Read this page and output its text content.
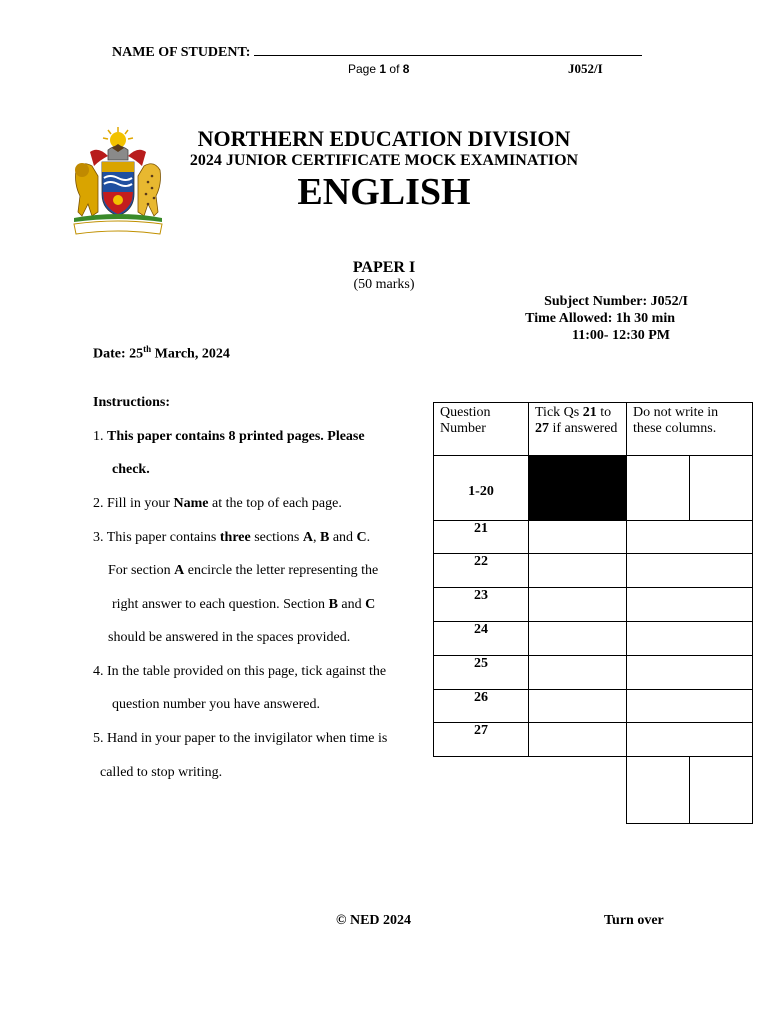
NAME OF STUDENT:
Page 1 of 8	J052/I
NORTHERN EDUCATION DIVISION
2024 JUNIOR CERTIFICATE MOCK EXAMINATION
ENGLISH
PAPER I
(50 marks)
Subject Number: J052/I
Time Allowed: 1h 30 min
11:00- 12:30 PM
Date: 25th March, 2024
Instructions:
1. This paper contains 8 printed pages. Please
check.
2. Fill in your Name at the top of each page.
3. This paper contains three sections A, B and C.
For section A encircle the letter representing the
right answer to each question. Section B and C
should be answered in the spaces provided.
4. In the table provided on this page, tick against the
question number you have answered.
5. Hand in your paper to the invigilator when time is
called to stop writing.
Question Number	Tick Qs 21 to 27 if answered	Do not write in these columns.	
1-20			
21			
22			
23			
24			
25			
26			
27			

© NED 2024	Turn over
